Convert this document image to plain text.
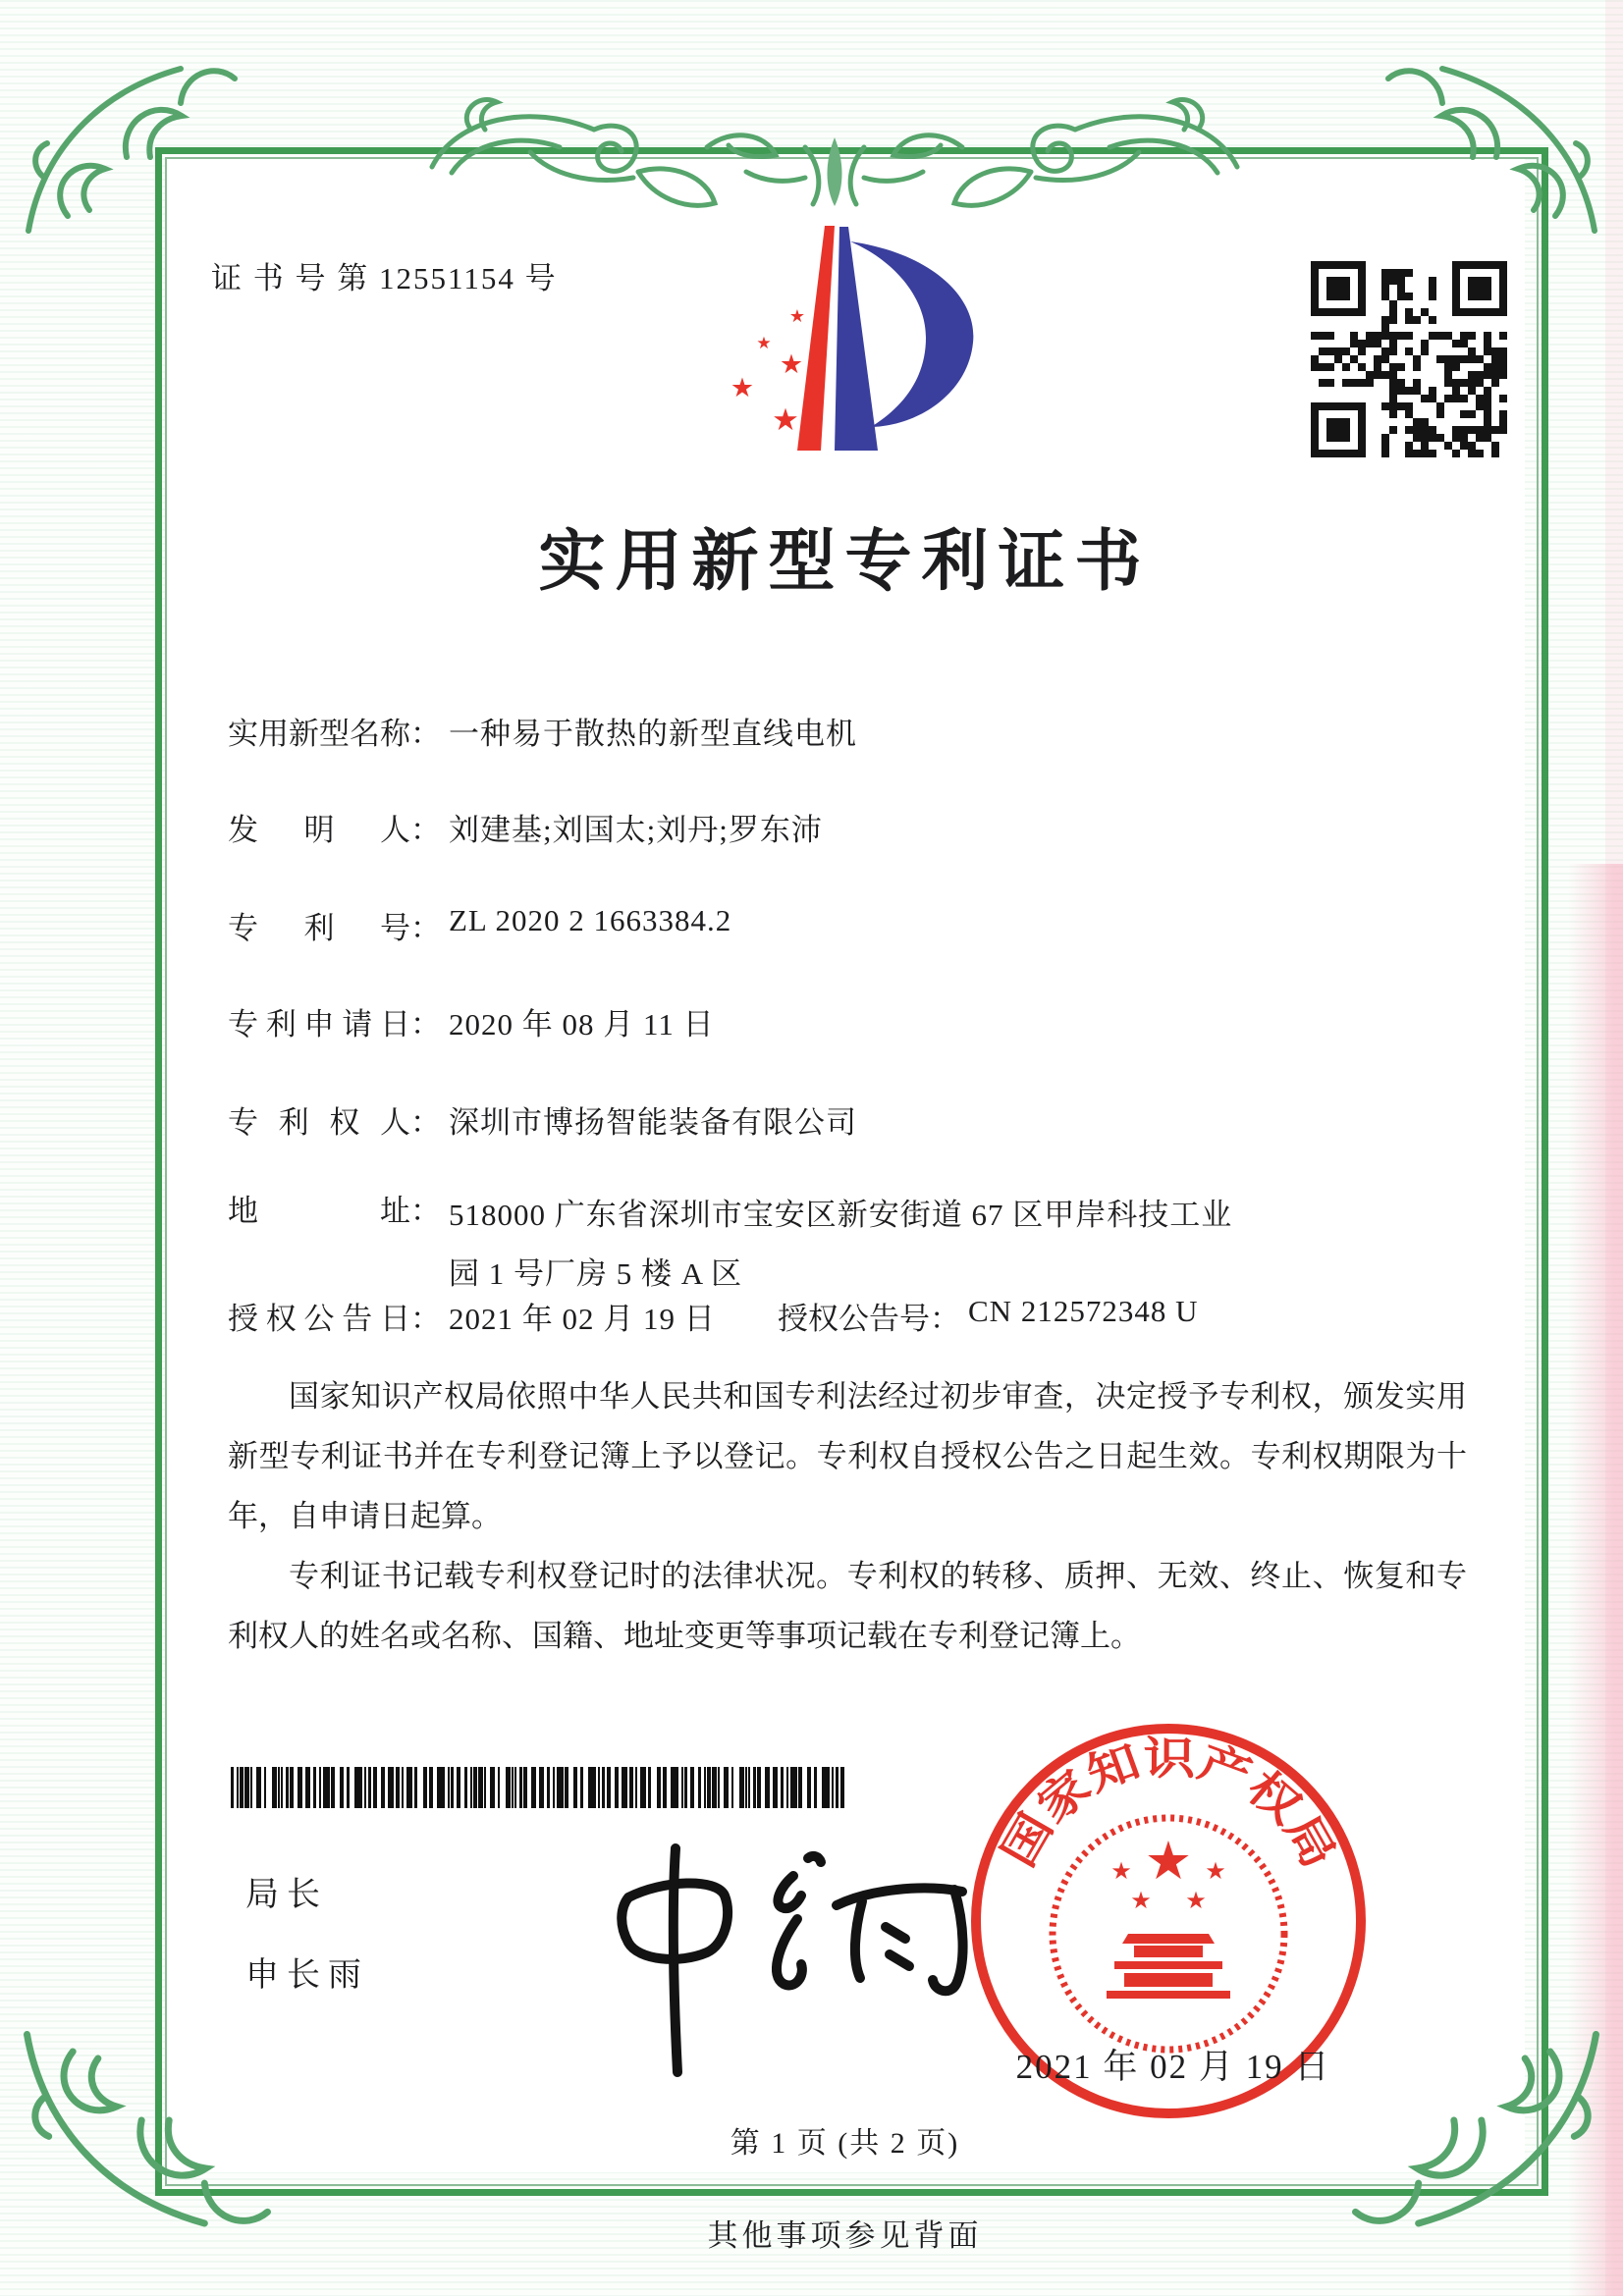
证 书 号 第 12551154 号
★
★
★
★
★
实用新型专利证书
实用新型名称 ： 一种易于散热的新型直线电机
发明人 ： 刘建基;刘国太;刘丹;罗东沛
专利号 ： ZL 2020 2 1663384.2
专利申请日 ： 2020 年 08 月 11 日
专利权人 ： 深圳市博扬智能装备有限公司
地址 ： 518000 广东省深圳市宝安区新安街道 67 区甲岸科技工业
园 1 号厂房 5 楼 A 区
授权公告日 ： 2021 年 02 月 19 日 授权公告号 ： CN 212572348 U

国家知识产权局依照中华人民共和国专利法经过初步审查，决定授予专利权，颁发实用新型专利证书并在专利登记簿上予以登记。专利权自授权公告之日起生效。专利权期限为十年，自申请日起算。

专利证书记载专利权登记时的法律状况。专利权的转移、质押、无效、终止、恢复和专利权人的姓名或名称、国籍、地址变更等事项记载在专利登记簿上。

局长
申长雨
国家知识产权局
★
★	★
★ ★
2021 年 02 月 19 日
第 1 页 (共 2 页)
其他事项参见背面
